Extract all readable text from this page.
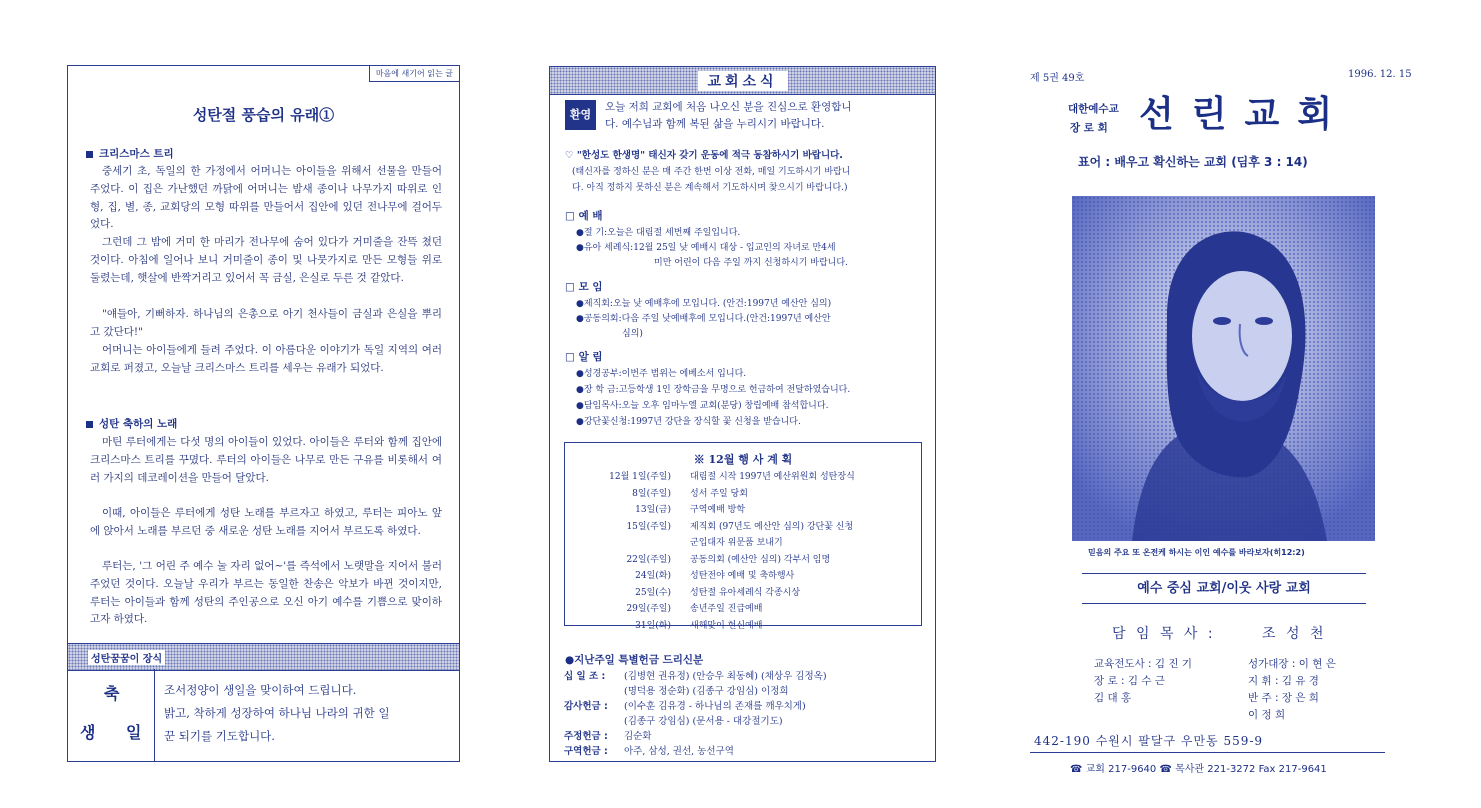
마음에 새기어 읽는 글
성탄절 풍습의 유래①
크리스마스 트리

중세기 초, 독일의 한 가정에서 어머니는 아이들을 위해서 선물을 만들어 주었다. 이 집은 가난했던 까닭에 어머니는 밤새 종이나 나무가지 따위로 인형, 집, 별, 종, 교회당의 모형 따위를 만들어서 집안에 있던 전나무에 걸어두었다.

그런데 그 밤에 거미 한 마리가 전나무에 숨어 있다가 거미줄을 잔뜩 쳤던 것이다. 아침에 일어나 보니 거미줄이 종이 및 나뭇가지로 만든 모형들 위로 둘렸는데, 햇살에 반짝거리고 있어서 꼭 금실, 은실로 두른 것 같았다.

"얘들아, 기뻐하자. 하나님의 은총으로 아기 천사들이 금실과 은실을 뿌리고 갔단다!"

어머니는 아이들에게 들려 주었다. 이 아름다운 이야기가 독일 지역의 여러 교회로 퍼졌고, 오늘날 크리스마스 트리를 세우는 유래가 되었다.

성탄 축하의 노래

마틴 루터에게는 다섯 명의 아이들이 있었다. 아이들은 루터와 함께 집안에 크리스마스 트리를 꾸몄다. 루터의 아이들은 나무로 만든 구유를 비롯해서 여러 가지의 데코레이션을 만들어 달았다.

이때, 아이들은 루터에게 성탄 노래를 부르자고 하였고, 루터는 피아노 앞에 앉아서 노래를 부르던 중 새로운 성탄 노래를 지어서 부르도록 하였다.

루터는, '그 어린 주 예수 눌 자리 없어~'를 즉석에서 노랫말을 지어서 불러 주었던 것이다. 오늘날 우리가 부르는 동일한 찬송은 악보가 바뀐 것이지만, 루터는 아이들과 함께 성탄의 주인공으로 오신 아기 예수를 기쁨으로 맞이하고자 하였다.

성탄꿈꿈이 장식
축
생	일
조서정양이 생일을 맞이하여 드립니다.
밝고, 착하게 성장하여 하나님 나라의 귀한 일
꾼 되기를 기도합니다.
교회소식
환영
오늘 저희 교회에 처음 나오신 분을 진심으로 환영합니
다. 예수님과 함께 복된 삶을 누리시기 바랍니다.
♡ "한성도 한생명" 태신자 갖기 운동에 적극 동참하시기 바랍니다.
(태신자를 정하신 분은 매 주간 한번 이상 전화, 매일 기도하시기 바랍니
다. 아직 정하지 못하신 분은 계속해서 기도하시며 찾으시기 바랍니다.)
□ 예 배
●절 기:오늘은 대림절 세번째 주일입니다.
●유아 세례식:12월 25일 낮 예배시 대상 - 입교인의 자녀로 만4세
미만 어린이 다음 주일 까지 신청하시기 바랍니다.
□ 모 임
●제직회:오늘 낮 예배후에 모입니다. (안건:1997년 예산안 심의)
●공동의회:다음 주일 낮예배후에 모입니다.(안건:1997년 예산안
심의)
□ 알 림
●성경공부:이번주 범위는 에베소서 입니다.
●장 학 금:고등학생 1인 장학금을 무명으로 헌금하여 전달하였습니다.
●담임목사:오늘 오후 임마누엘 교회(분당) 창립예배 참석합니다.
●강단꽃신청:1997년 강단을 장식할 꽃 신청을 받습니다.
※ 12월 행 사 계 획
12월 1일(주일) 대림절 시작 1997년 예산위원회 성탄장식
8일(주일) 성서 주일 당회
13일(금) 구역예배 방학
15일(주일) 제직회 (97년도 예산안 심의) 강단꽃 신청
군입대자 위문품 보내기
22일(주일) 공동의회 (예산안 심의) 각부서 임명
24일(화) 성탄전야 예배 및 축하행사
25일(수) 성탄절 유아세례식 각종시상
29일(주일) 송년주일 진급예배
31일(화) 새해맞이 헌신예배
●지난주일 특별헌금 드리신분
십 일 조 : (김병현 권유정) (안승우 최동혜) (채상우 김정옥)
(명덕용 정순화) (김종구 강임심) 이정희
감사헌금 : (이수훈 김유경 - 하나님의 존재를 깨우치게)
(김종구 강임심) (문서용 - 대강절기도)
주정헌금 : 김순화
구역헌금 : 아주, 삼성, 권선, 농선구역
제 5권 49호	1996. 12. 15
대한예수교
장 로 회 선린교회
표어 : 배우고 확신하는 교회 (딤후 3 : 14)
믿음의 주요 또 온전케 하시는 이인 예수를 바라보자(히12:2)
예수 중심 교회/이웃 사랑 교회
담 임 목 사 :	조 성 천
교육전도사 : 김 진 기
장 로 : 김 수 근
김 대 홍
성가대장 : 이 현 은
지 휘 : 김 유 경
반 주 : 장 은 희
이 정 희
442-190 수원시 팔달구 우만동 559-9
☎ 교회 217-9640 ☎ 목사관 221-3272 Fax 217-9641
